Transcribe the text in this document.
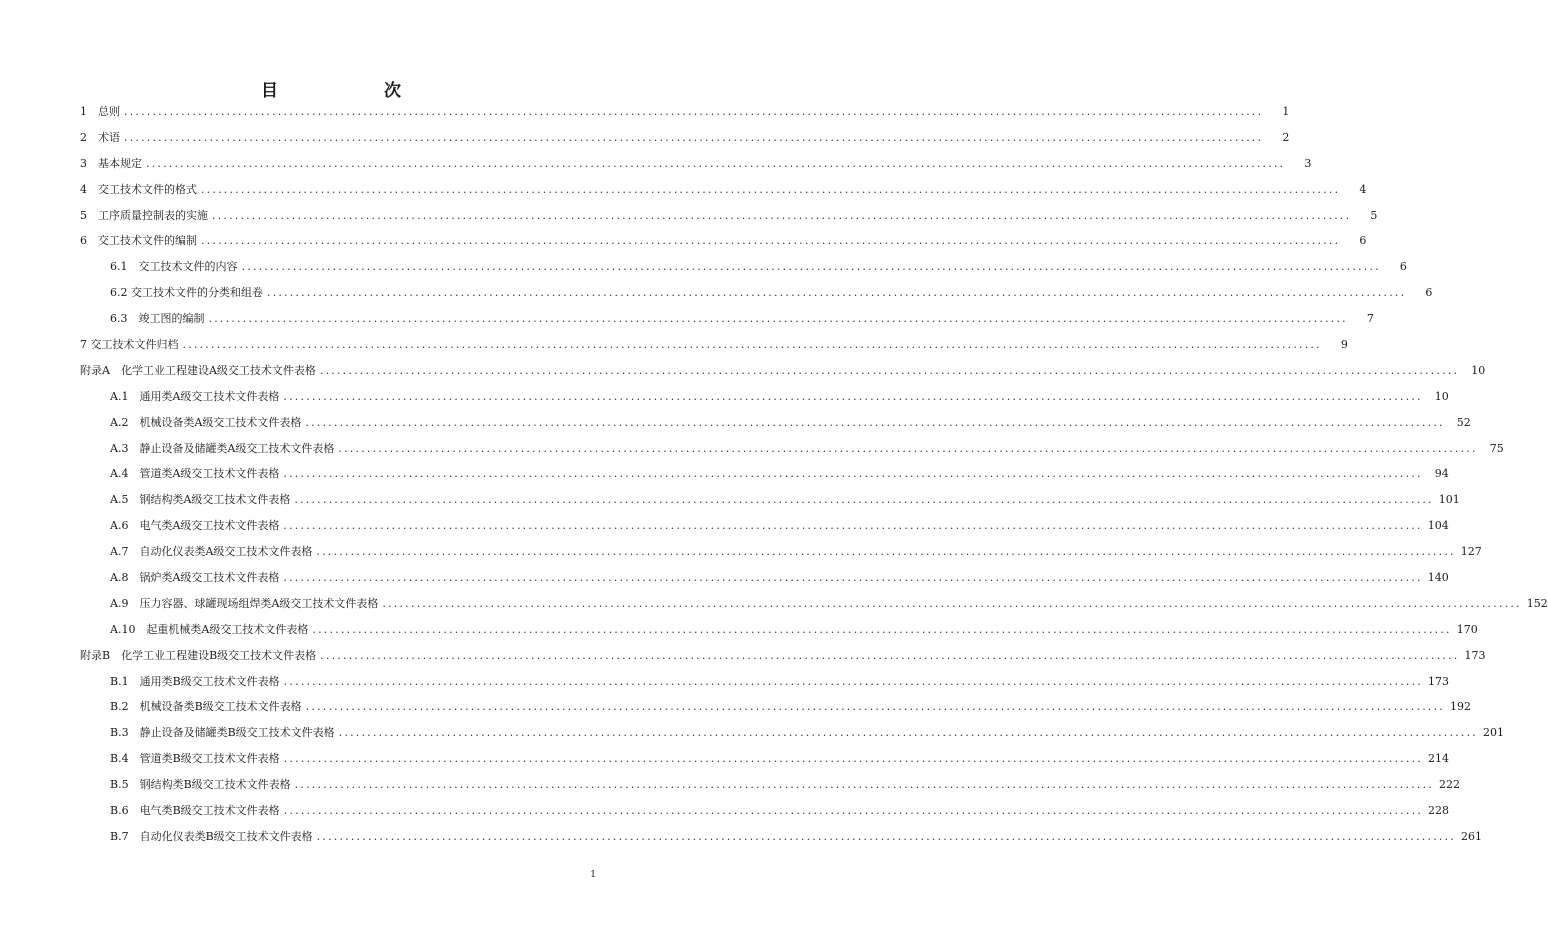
目　　次
1　总则 ........................................................................................................................................................................................................	1
2　术语 ........................................................................................................................................................................................................	2
3　基本规定 ........................................................................................................................................................................................................	3
4　交工技术文件的格式 ........................................................................................................................................................................................................	4
5　工序质量控制表的实施 ........................................................................................................................................................................................................	5
6　交工技术文件的编制 ........................................................................................................................................................................................................	6
6.1　交工技术文件的内容 ........................................................................................................................................................................................................	6
6.2 交工技术文件的分类和组卷 ........................................................................................................................................................................................................	6
6.3　竣工图的编制 ........................................................................................................................................................................................................	7
7 交工技术文件归档 ........................................................................................................................................................................................................	9
附录A　化学工业工程建设A级交工技术文件表格 ........................................................................................................................................................................................................	10
A.1　通用类A级交工技术文件表格 ........................................................................................................................................................................................................	10
A.2　机械设备类A级交工技术文件表格 ........................................................................................................................................................................................................	52
A.3　静止设备及储罐类A级交工技术文件表格 ........................................................................................................................................................................................................	75
A.4　管道类A级交工技术文件表格 ........................................................................................................................................................................................................	94
A.5　钢结构类A级交工技术文件表格 ........................................................................................................................................................................................................ 101
A.6　电气类A级交工技术文件表格 ........................................................................................................................................................................................................ 104
A.7　自动化仪表类A级交工技术文件表格 ........................................................................................................................................................................................................ 127
A.8　锅炉类A级交工技术文件表格 ........................................................................................................................................................................................................ 140
A.9　压力容器、球罐现场组焊类A级交工技术文件表格 ........................................................................................................................................................................................................ 152
A.10　起重机械类A级交工技术文件表格 ........................................................................................................................................................................................................ 170
附录B　化学工业工程建设B级交工技术文件表格 ........................................................................................................................................................................................................ 173
B.1　通用类B级交工技术文件表格 ........................................................................................................................................................................................................ 173
B.2　机械设备类B级交工技术文件表格 ........................................................................................................................................................................................................ 192
B.3　静止设备及储罐类B级交工技术文件表格 ........................................................................................................................................................................................................ 201
B.4　管道类B级交工技术文件表格 ........................................................................................................................................................................................................ 214
B.5　钢结构类B级交工技术文件表格 ........................................................................................................................................................................................................ 222
B.6　电气类B级交工技术文件表格 ........................................................................................................................................................................................................ 228
B.7　自动化仪表类B级交工技术文件表格 ........................................................................................................................................................................................................ 261
1
